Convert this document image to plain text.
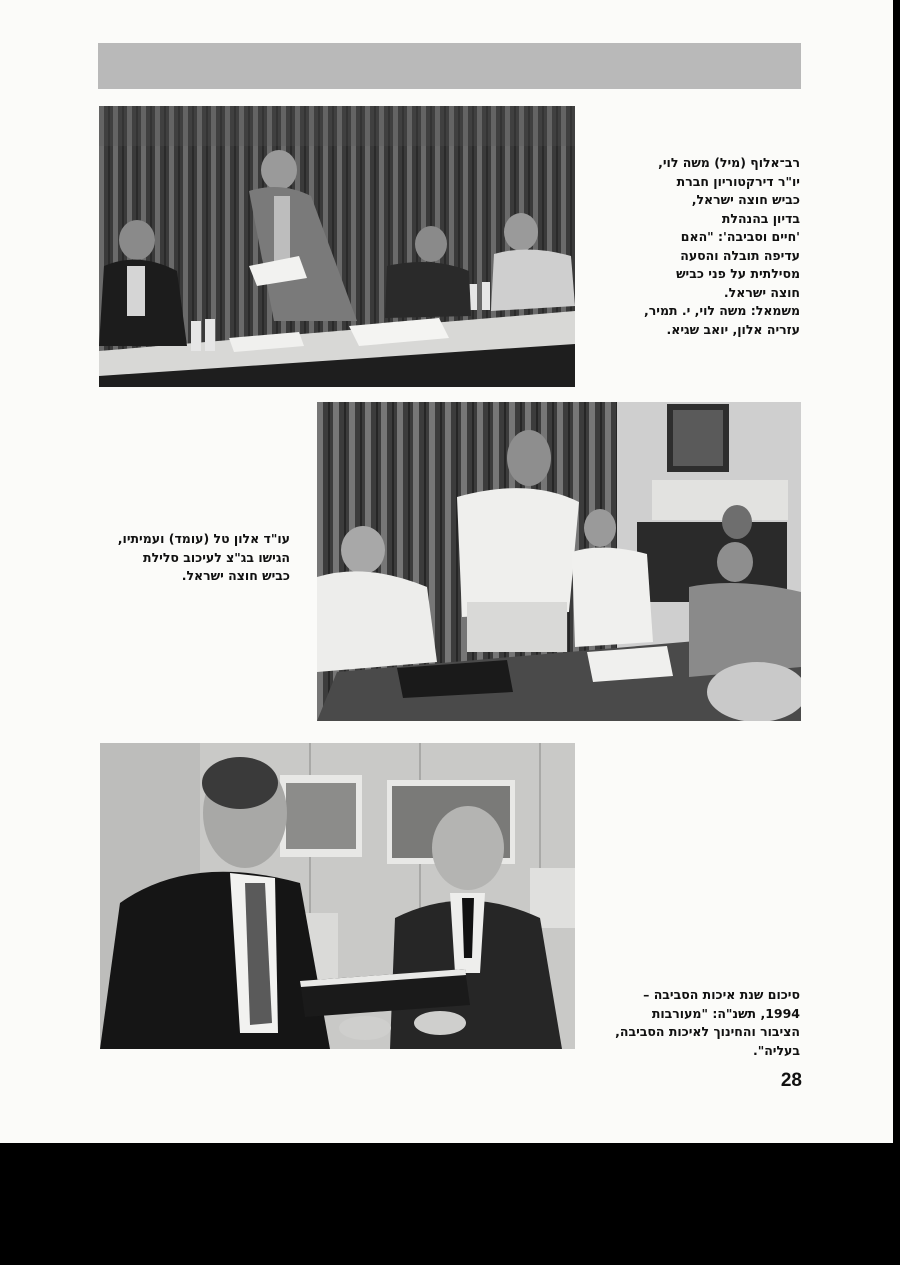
רב־אלוף (מיל) משה לוי,
יו"ר דירקטוריון חברת
כביש חוצה ישראל,
בדיון בהנהלת
'חיים וסביבה': "האם
עדיפה תובלה והסעה
מסילתית על פני כביש
חוצה ישראל.
משמאל: משה לוי, י. תמיר,
עזריה אלון, יואב שגיא.
עו"ד אלון טל (עומד) ועמיתיו,
הגישו בג"צ לעיכוב סלילת
כביש חוצה ישראל.
סיכום שנת איכות הסביבה –
1994, תשנ"ה: "מעורבות
הציבור והחינוך לאיכות הסביבה,
בעליה".
28
